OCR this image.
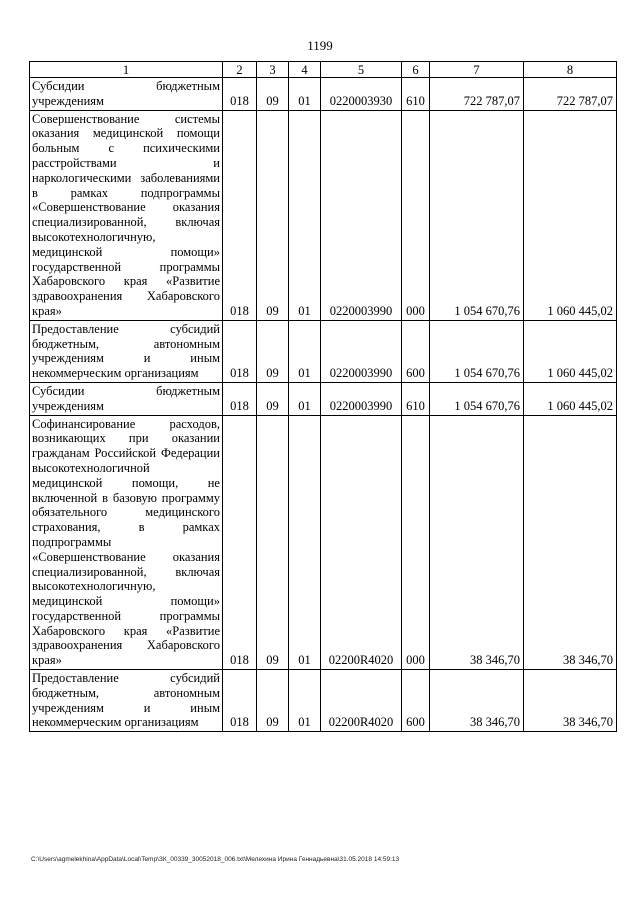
1199
1	2	3	4	5	6	7	8
Субсидии бюджетным учреждениям	018	09	01	0220003930	610	722 787,07	722 787,07
Совершенствование системы оказания медицинской помощи больным с психическими расстройствами и наркологическими заболеваниями в рамках подпрограммы «Совершенствование оказания специализированной, включая высокотехнологичную, медицинской помощи» государственной программы Хабаровского края «Развитие здравоохранения Хабаровского края»	018	09	01	0220003990	000	1 054 670,76	1 060 445,02
Предоставление субсидий бюджетным, автономным учреждениям и иным некоммерческим организациям	018	09	01	0220003990	600	1 054 670,76	1 060 445,02
Субсидии бюджетным учреждениям	018	09	01	0220003990	610	1 054 670,76	1 060 445,02
Софинансирование расходов, возникающих при оказании гражданам Российской Федерации высокотехнологичной медицинской помощи, не включенной в базовую программу обязательного медицинского страхования, в рамках подпрограммы «Совершенствование оказания специализированной, включая высокотехнологичную, медицинской помощи» государственной программы Хабаровского края «Развитие здравоохранения Хабаровского края»	018	09	01	02200R4020	000	38 346,70	38 346,70
Предоставление субсидий бюджетным, автономным учреждениям и иным некоммерческим организациям	018	09	01	02200R4020	600	38 346,70	38 346,70
C:\Users\agmelekhina\AppData\Local\Temp\ЗК_00339_30052018_006.txt\Мелехина Ирина Геннадьевна\31.05.2018 14:59:13
